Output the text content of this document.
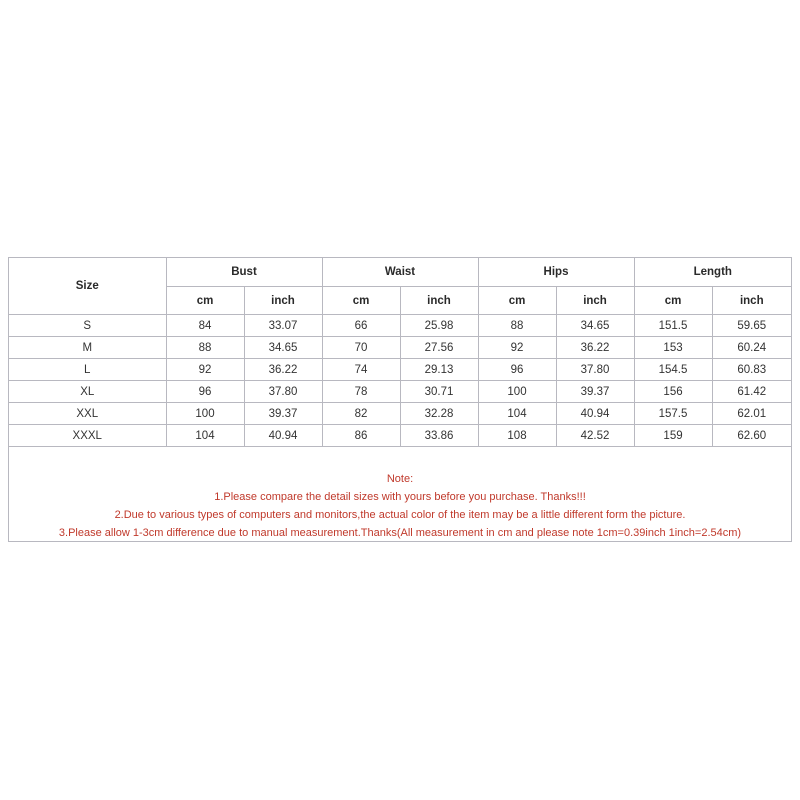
Size	Bust		Waist		Hips		Length	
	cm	inch	cm	inch	cm	inch	cm	inch
S	84	33.07	66	25.98	88	34.65	151.5	59.65
M	88	34.65	70	27.56	92	36.22	153	60.24
L	92	36.22	74	29.13	96	37.80	154.5	60.83
XL	96	37.80	78	30.71	100	39.37	156	61.42
XXL	100	39.37	82	32.28	104	40.94	157.5	62.01
XXXL	104	40.94	86	33.86	108	42.52	159	62.60
Note:
1.Please compare the detail sizes with yours before you purchase. Thanks!!!
2.Due to various types of computers and monitors,the actual color of the item may be a little different form the picture.
3.Please allow 1-3cm difference due to manual measurement.Thanks(All measurement in cm and please note 1cm=0.39inch 1inch=2.54cm)
